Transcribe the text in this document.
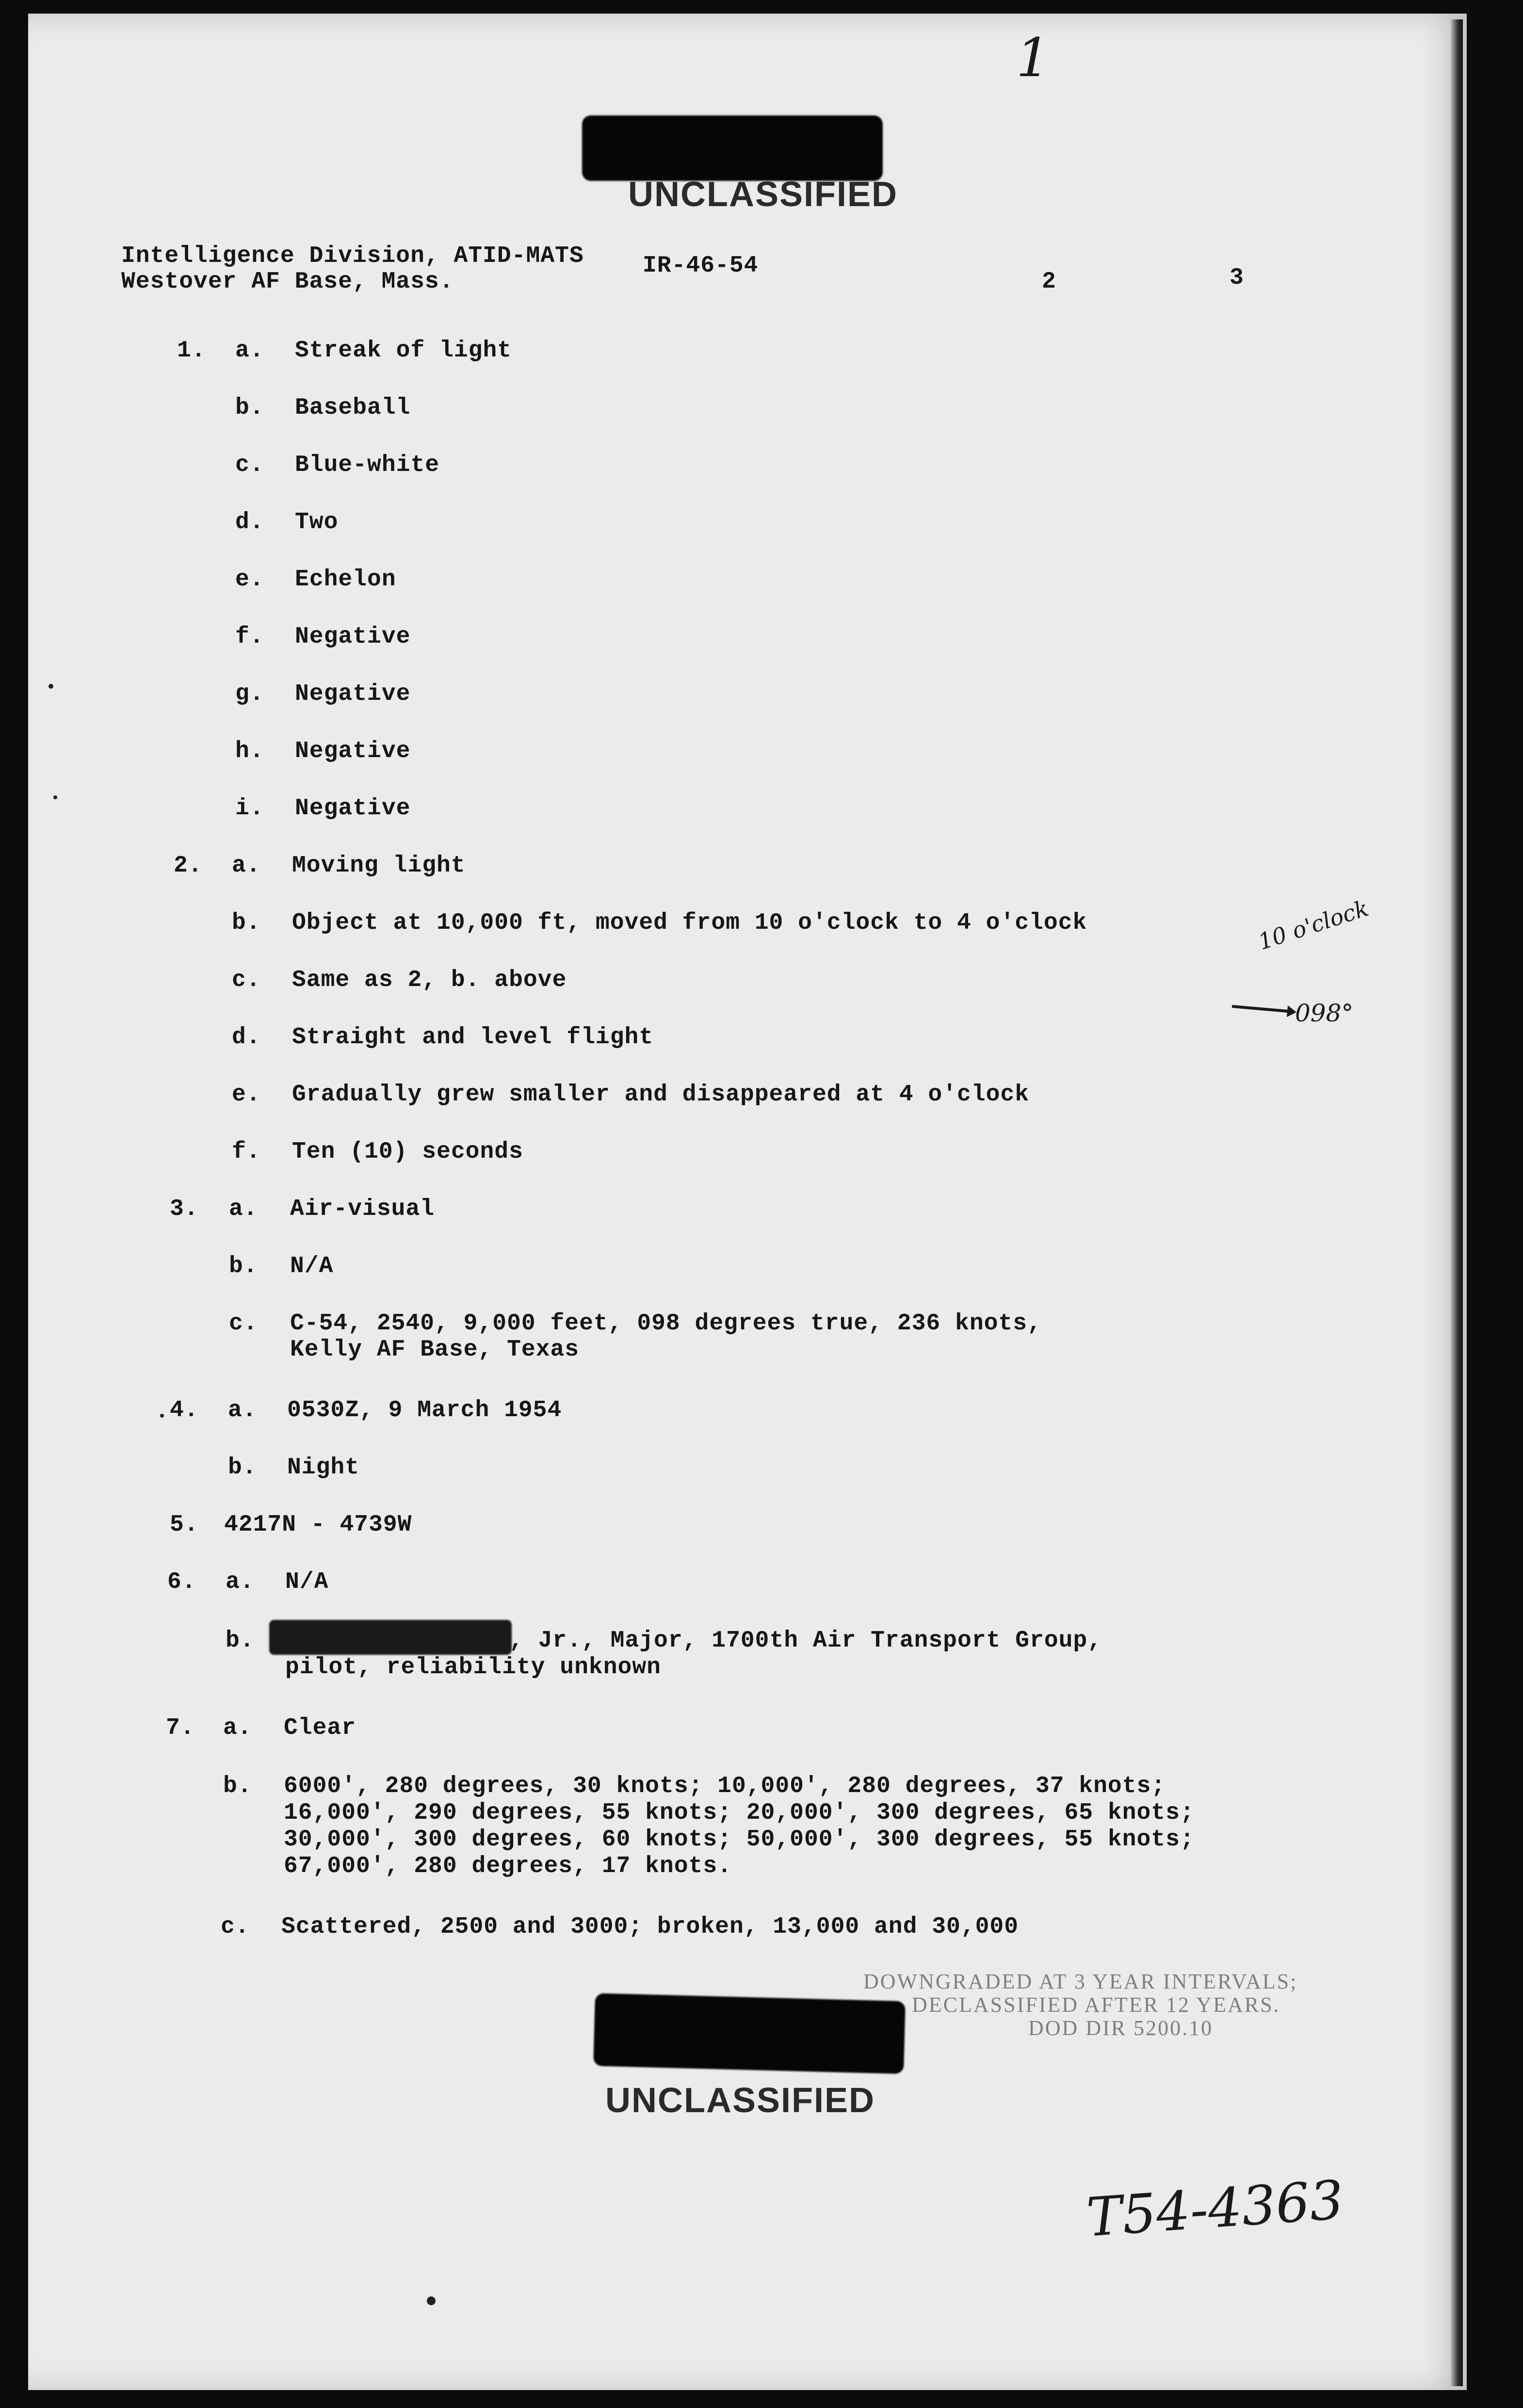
1
UNCLASSIFIED
Intelligence Division, ATID-MATS
Westover AF Base, Mass.
IR-46-54
2	3
1. a. Streak of light
b. Baseball
c. Blue-white
d. Two
e. Echelon
f. Negative
g. Negative
h. Negative
i. Negative
2. a. Moving light
b. Object at 10,000 ft, moved from 10 o'clock to 4 o'clock
c. Same as 2, b. above
d. Straight and level flight
e. Gradually grew smaller and disappeared at 4 o'clock
f. Ten (10) seconds
10 o'clock
098°
3. a. Air-visual
b. N/A
c. C-54, 2540, 9,000 feet, 098 degrees true, 236 knots,
Kelly AF Base, Texas
4. a. 0530Z, 9 March 1954
b. Night
5. 4217N - 4739W
6. a. N/A
b.	, Jr., Major, 1700th Air Transport Group,
pilot, reliability unknown
7. a. Clear
b. 6000', 280 degrees, 30 knots; 10,000', 280 degrees, 37 knots;
16,000', 290 degrees, 55 knots; 20,000', 300 degrees, 65 knots;
30,000', 300 degrees, 60 knots; 50,000', 300 degrees, 55 knots;
67,000', 280 degrees, 17 knots.
c. Scattered, 2500 and 3000; broken, 13,000 and 30,000
DOWNGRADED AT 3 YEAR INTERVALS;
DECLASSIFIED AFTER 12 YEARS.
DOD DIR 5200.10
UNCLASSIFIED
T54-4363
